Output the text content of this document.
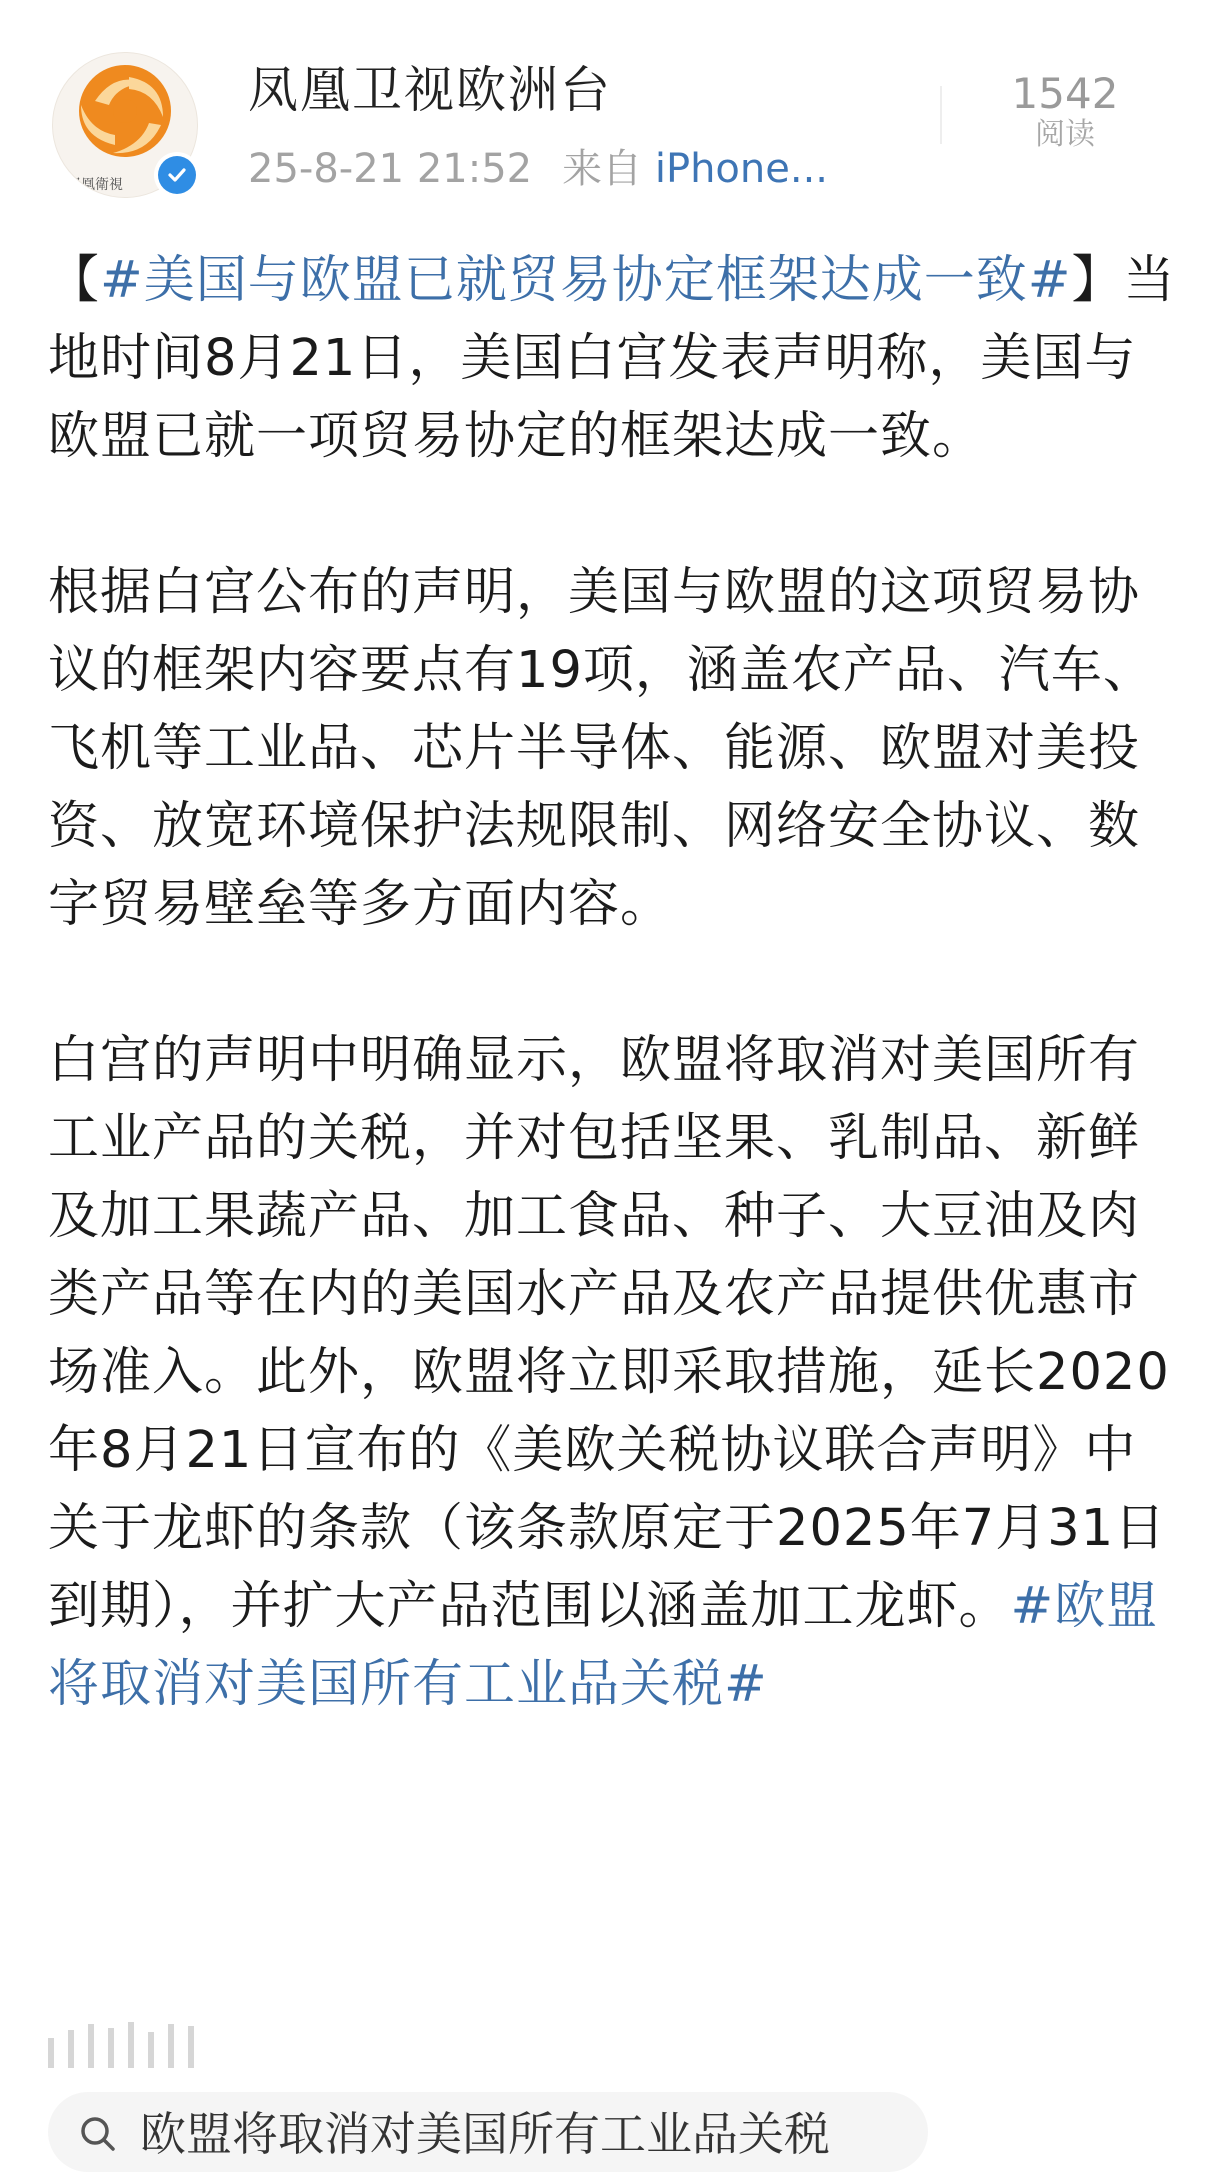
鳳凰衛視
凤凰卫视欧洲台
25-8-21 21:52 来自 iPhone...
1542
阅读

【#美国与欧盟已就贸易协定框架达成一致#】当地时间8月21日，美国白宫发表声明称，美国与欧盟已就一项贸易协定的框架达成一致。

根据白宫公布的声明，美国与欧盟的这项贸易协议的框架内容要点有19项，涵盖农产品、汽车、飞机等工业品、芯片半导体、能源、欧盟对美投资、放宽环境保护法规限制、网络安全协议、数字贸易壁垒等多方面内容。

白宫的声明中明确显示，欧盟将取消对美国所有工业产品的关税，并对包括坚果、乳制品、新鲜及加工果蔬产品、加工食品、种子、大豆油及肉类产品等在内的美国水产品及农产品提供优惠市场准入。此外，欧盟将立即采取措施，延长2020年8月21日宣布的《美欧关税协议联合声明》中关于龙虾的条款（该条款原定于2025年7月31日到期），并扩大产品范围以涵盖加工龙虾。#欧盟将取消对美国所有工业品关税#

欧盟将取消对美国所有工业品关税
